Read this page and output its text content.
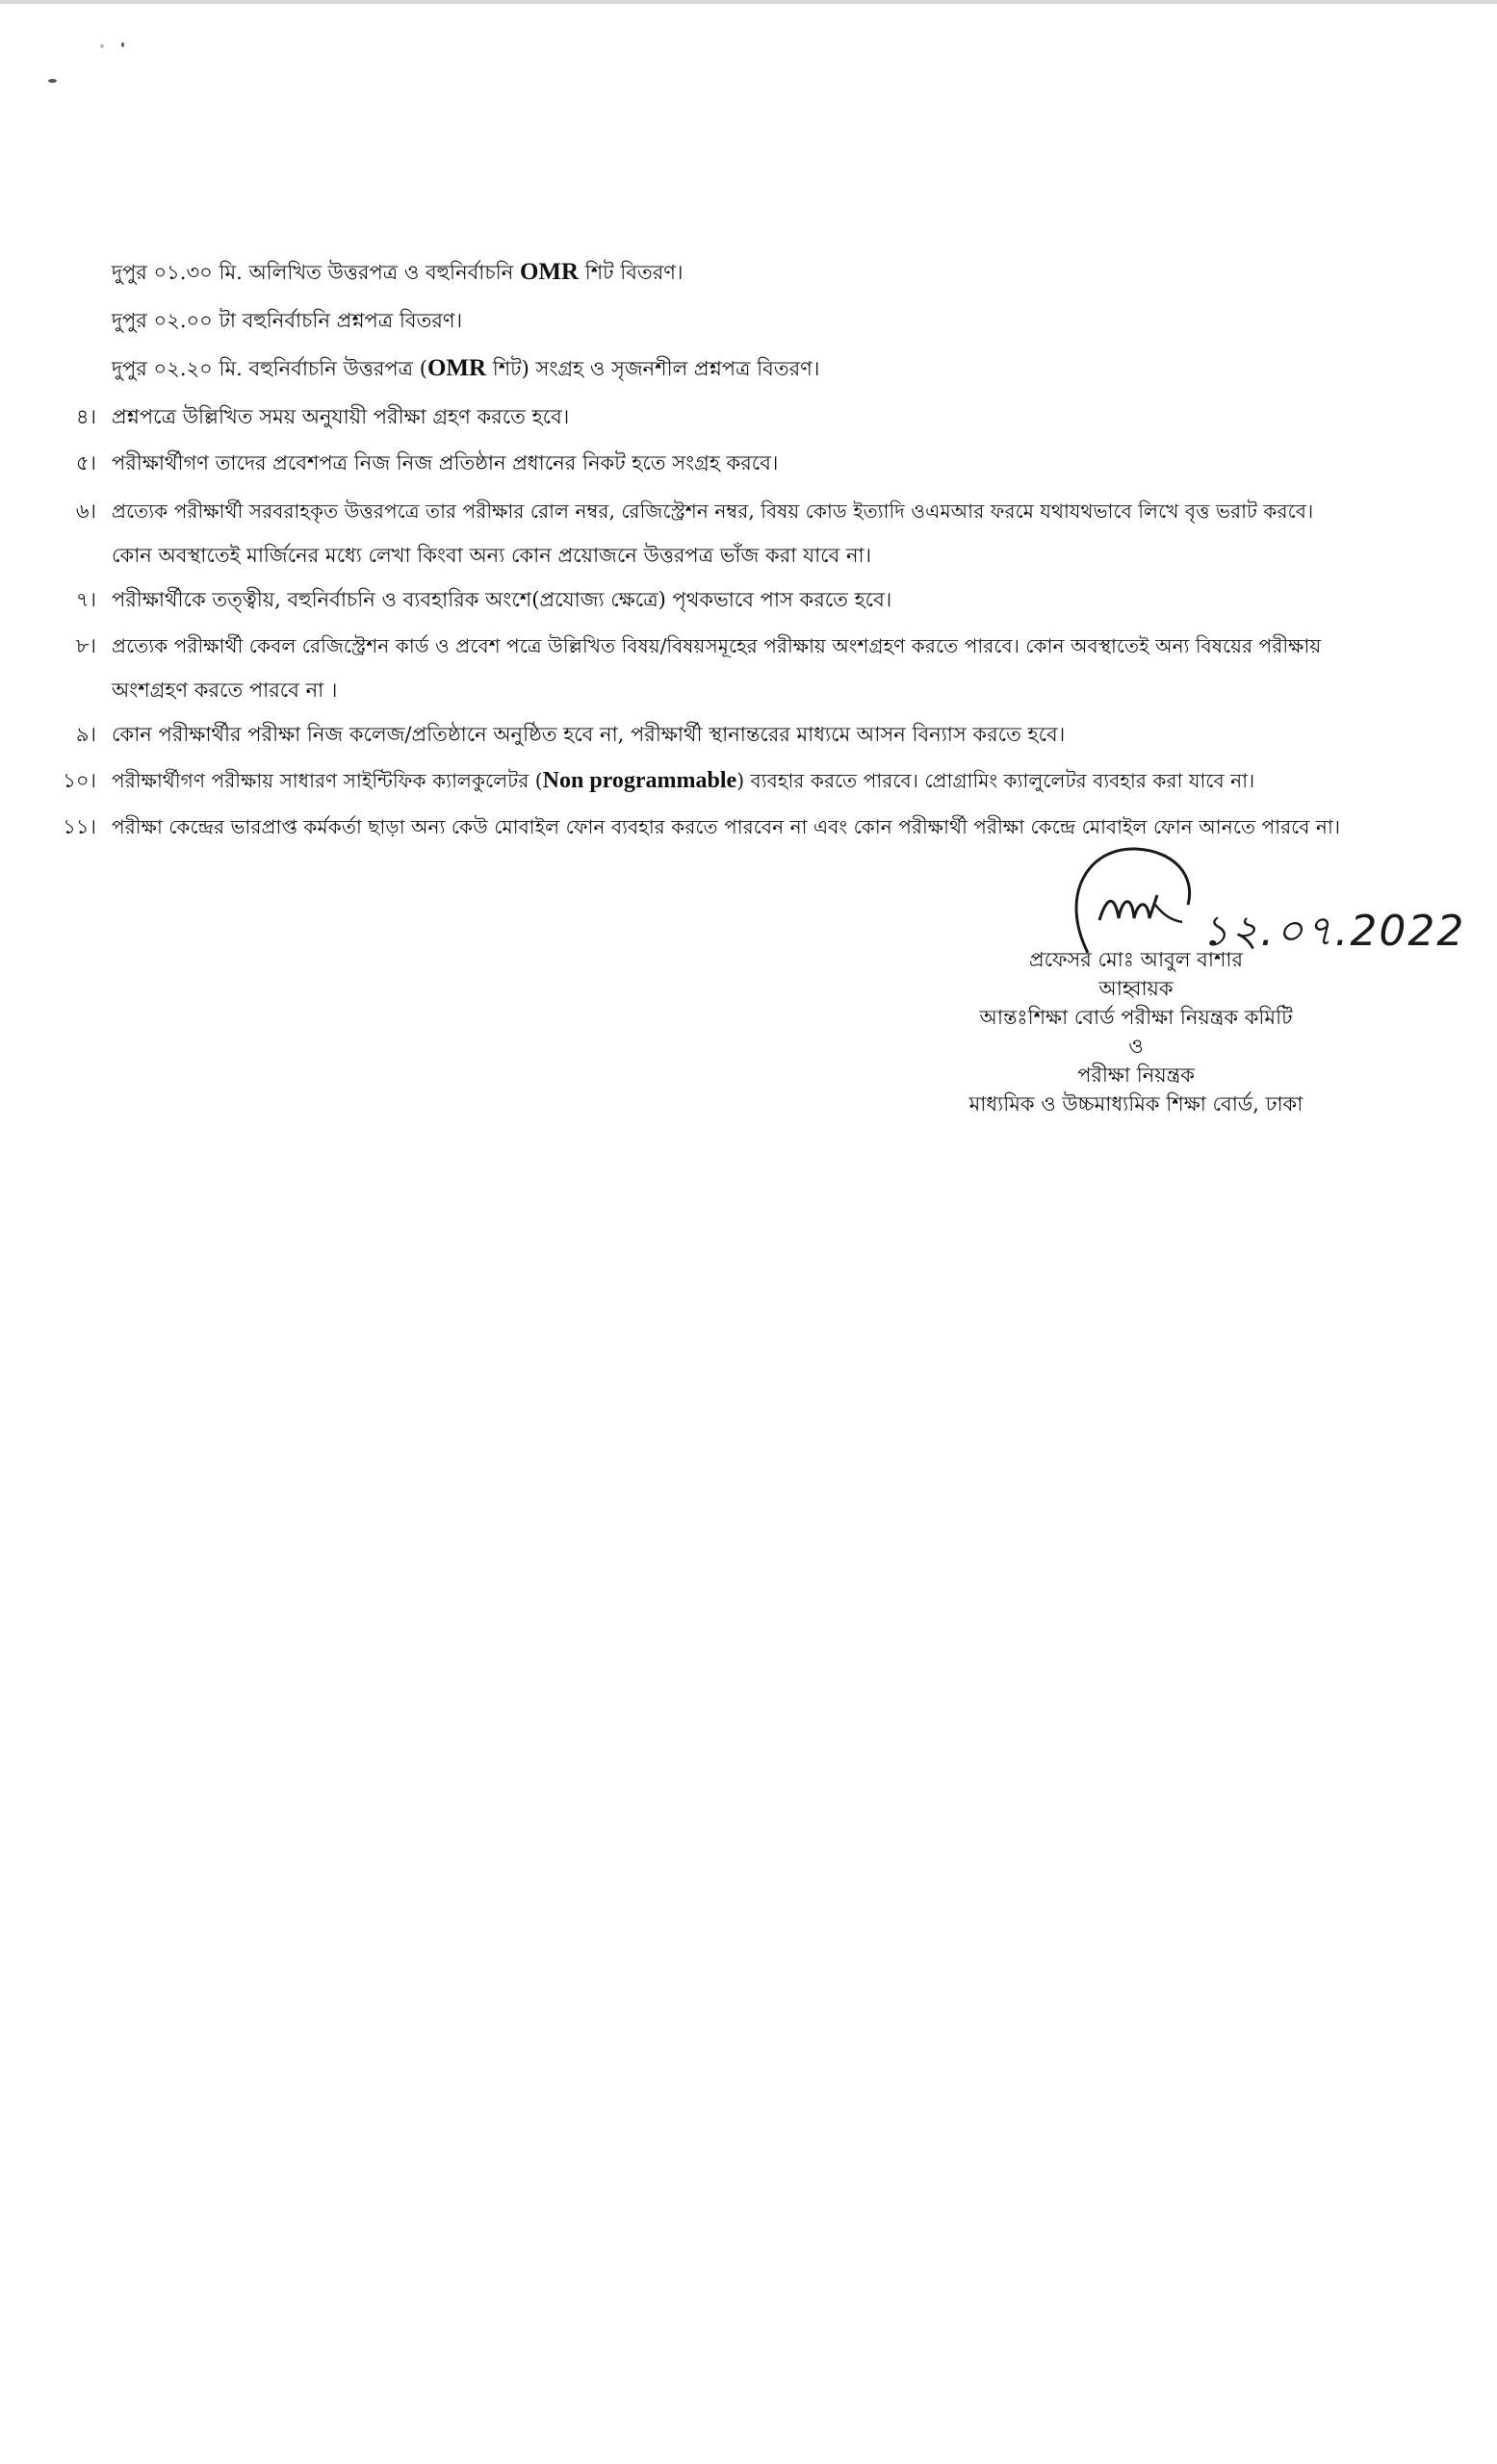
দুপুর ০১.৩০ মি. অলিখিত উত্তরপত্র ও বহুনির্বাচনি OMR শিট বিতরণ।
দুপুর ০২.০০ টা বহুনির্বাচনি প্রশ্নপত্র বিতরণ।
দুপুর ০২.২০ মি. বহুনির্বাচনি উত্তরপত্র (OMR শিট) সংগ্রহ ও সৃজনশীল প্রশ্নপত্র বিতরণ।
৪। প্রশ্নপত্রে উল্লিখিত সময় অনুযায়ী পরীক্ষা গ্রহণ করতে হবে।
৫। পরীক্ষার্থীগণ তাদের প্রবেশপত্র নিজ নিজ প্রতিষ্ঠান প্রধানের নিকট হতে সংগ্রহ করবে।
৬। প্রত্যেক পরীক্ষার্থী সরবরাহকৃত উত্তরপত্রে তার পরীক্ষার রোল নম্বর, রেজিস্ট্রেশন নম্বর, বিষয় কোড ইত্যাদি ওএমআর ফরমে যথাযথভাবে লিখে বৃত্ত ভরাট করবে।
কোন অবস্থাতেই মার্জিনের মধ্যে লেখা কিংবা অন্য কোন প্রয়োজনে উত্তরপত্র ভাঁজ করা যাবে না।
৭। পরীক্ষার্থীকে তত্ত্বীয়, বহুনির্বাচনি ও ব্যবহারিক অংশে(প্রযোজ্য ক্ষেত্রে) পৃথকভাবে পাস করতে হবে।
৮। প্রত্যেক পরীক্ষার্থী কেবল রেজিস্ট্রেশন কার্ড ও প্রবেশ পত্রে উল্লিখিত বিষয়/বিষয়সমূহের পরীক্ষায় অংশগ্রহণ করতে পারবে। কোন অবস্থাতেই অন্য বিষয়ের পরীক্ষায়
অংশগ্রহণ করতে পারবে না ।
৯। কোন পরীক্ষার্থীর পরীক্ষা নিজ কলেজ/প্রতিষ্ঠানে অনুষ্ঠিত হবে না, পরীক্ষার্থী স্থানান্তরের মাধ্যমে আসন বিন্যাস করতে হবে।
১০। পরীক্ষার্থীগণ পরীক্ষায় সাধারণ সাইন্টিফিক ক্যালকুলেটর (Non programmable) ব্যবহার করতে পারবে। প্রোগ্রামিং ক্যালুলেটর ব্যবহার করা যাবে না।
১১। পরীক্ষা কেন্দ্রের ভারপ্রাপ্ত কর্মকর্তা ছাড়া অন্য কেউ মোবাইল ফোন ব্যবহার করতে পারবেন না এবং কোন পরীক্ষার্থী পরীক্ষা কেন্দ্রে মোবাইল ফোন আনতে পারবে না।
১২.০৭.2022
প্রফেসর মোঃ আবুল বাশার
আহ্বায়ক
আন্তঃশিক্ষা বোর্ড পরীক্ষা নিয়ন্ত্রক কমিটি
ও
পরীক্ষা নিয়ন্ত্রক
মাধ্যমিক ও উচ্চমাধ্যমিক শিক্ষা বোর্ড, ঢাকা
